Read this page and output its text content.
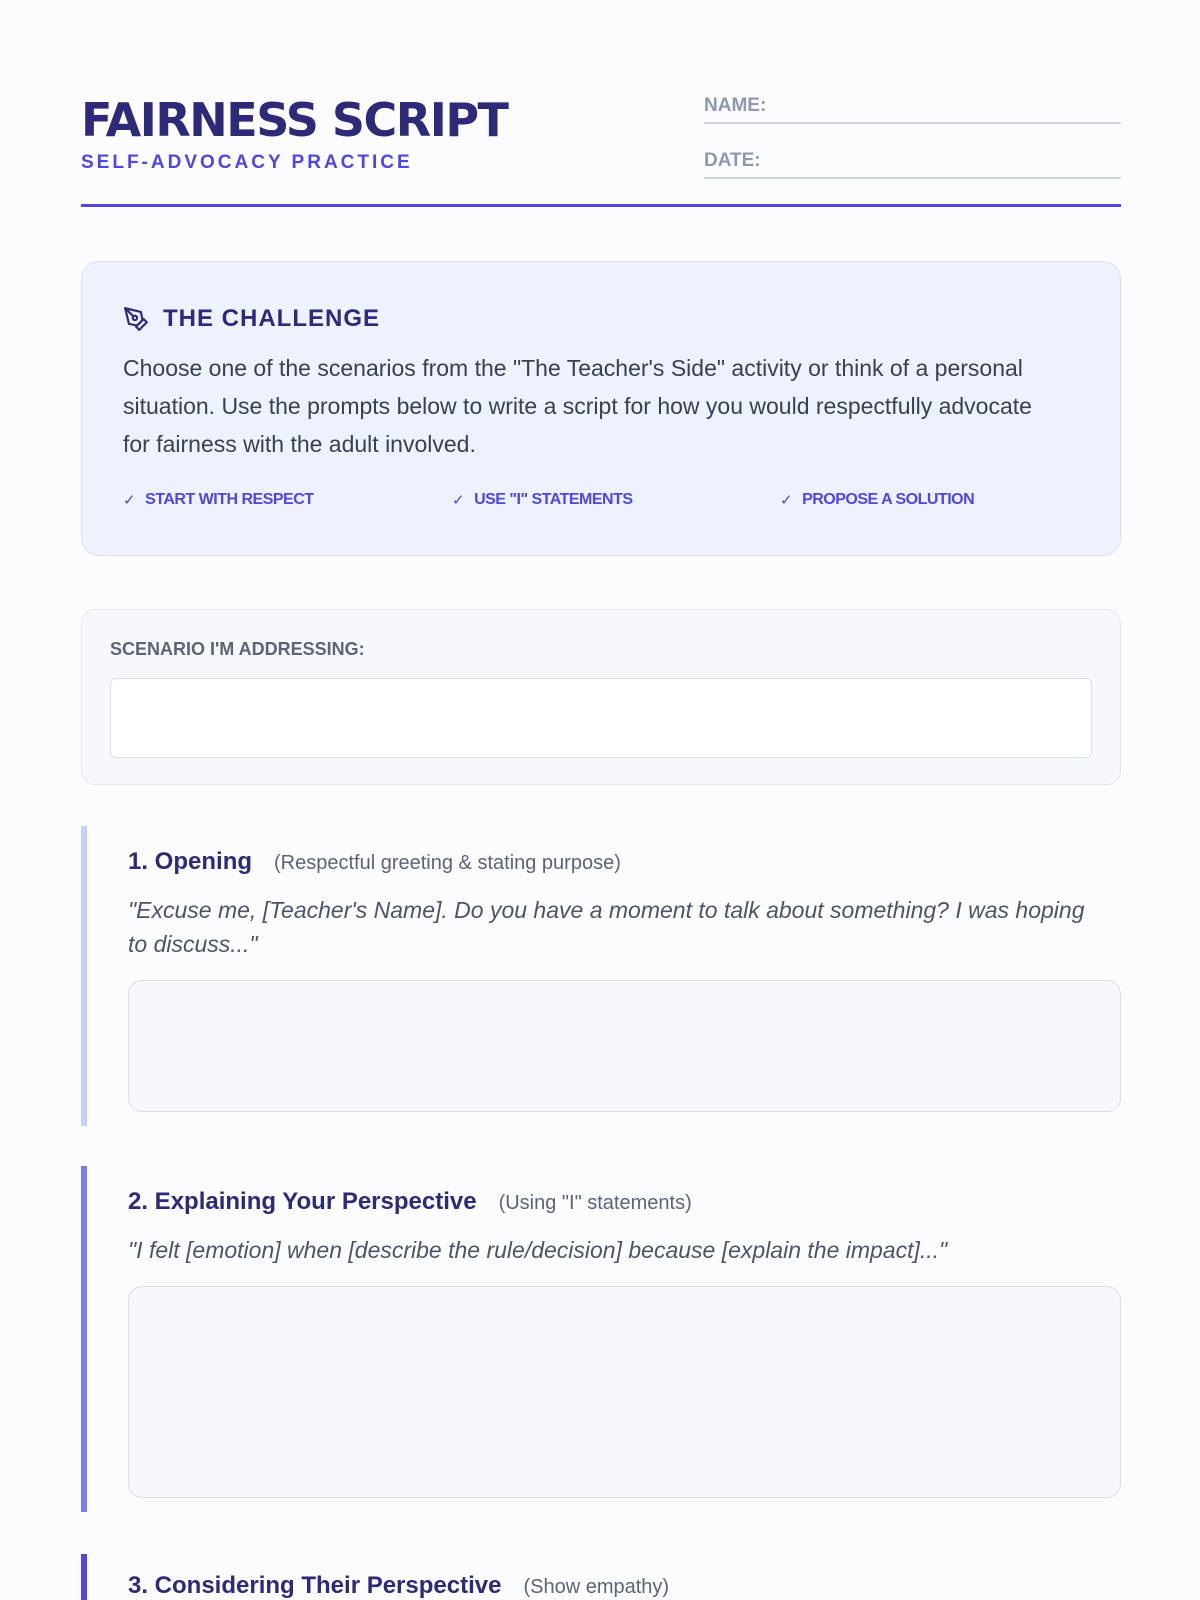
FAIRNESS SCRIPT
SELF-ADVOCACY PRACTICE
NAME:
DATE:
THE CHALLENGE
Choose one of the scenarios from the "The Teacher's Side" activity or think of a personal situation. Use the prompts below to write a script for how you would respectfully advocate for fairness with the adult involved.
✓ START WITH RESPECT	✓ USE "I" STATEMENTS	✓ PROPOSE A SOLUTION
SCENARIO I'M ADDRESSING:
1. Opening (Respectful greeting & stating purpose)
"Excuse me, [Teacher's Name]. Do you have a moment to talk about something? I was hoping to discuss..."
2. Explaining Your Perspective (Using "I" statements)
"I felt [emotion] when [describe the rule/decision] because [explain the impact]..."
3. Considering Their Perspective (Show empathy)
